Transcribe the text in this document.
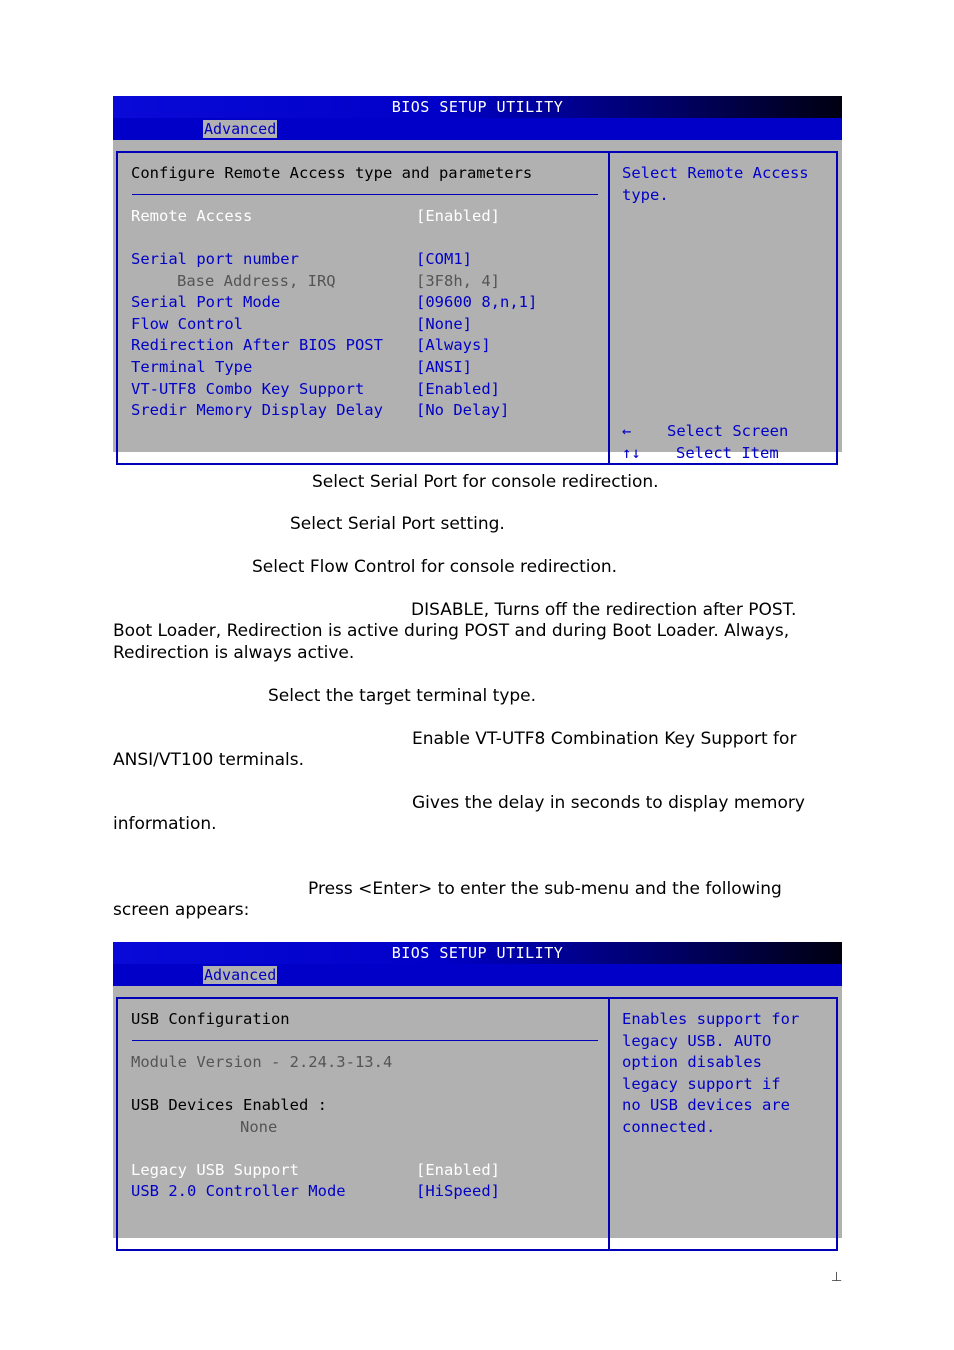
BIOS SETUP UTILITY
Advanced
Configure Remote Access type and parameters
Remote Access	[Enabled]
Serial port number	[COM1]
Base Address, IRQ	[3F8h, 4]
Serial Port Mode	[09600 8,n,1]
Flow Control	[None]
Redirection After BIOS POST [Always]
Terminal Type	[ANSI]
VT-UTF8 Combo Key Support	[Enabled]
Sredir Memory Display Delay [No Delay]
Select Remote Access
type.
← Select Screen
↑↓ Select Item
Select Serial Port for console redirection.
Select Serial Port setting.
Select Flow Control for console redirection.
DISABLE, Turns off the redirection after POST.
Boot Loader, Redirection is active during POST and during Boot Loader. Always,
Redirection is always active.
Select the target terminal type.
Enable VT-UTF8 Combination Key Support for
ANSI/VT100 terminals.
Gives the delay in seconds to display memory
information.
Press <Enter> to enter the sub-menu and the following
screen appears:
BIOS SETUP UTILITY
Advanced
USB Configuration
Module Version - 2.24.3-13.4
USB Devices Enabled :
None
Legacy USB Support	[Enabled]
USB 2.0 Controller Mode	[HiSpeed]
Enables support for
legacy USB. AUTO
option disables
legacy support if
no USB devices are
connected.
⊥
